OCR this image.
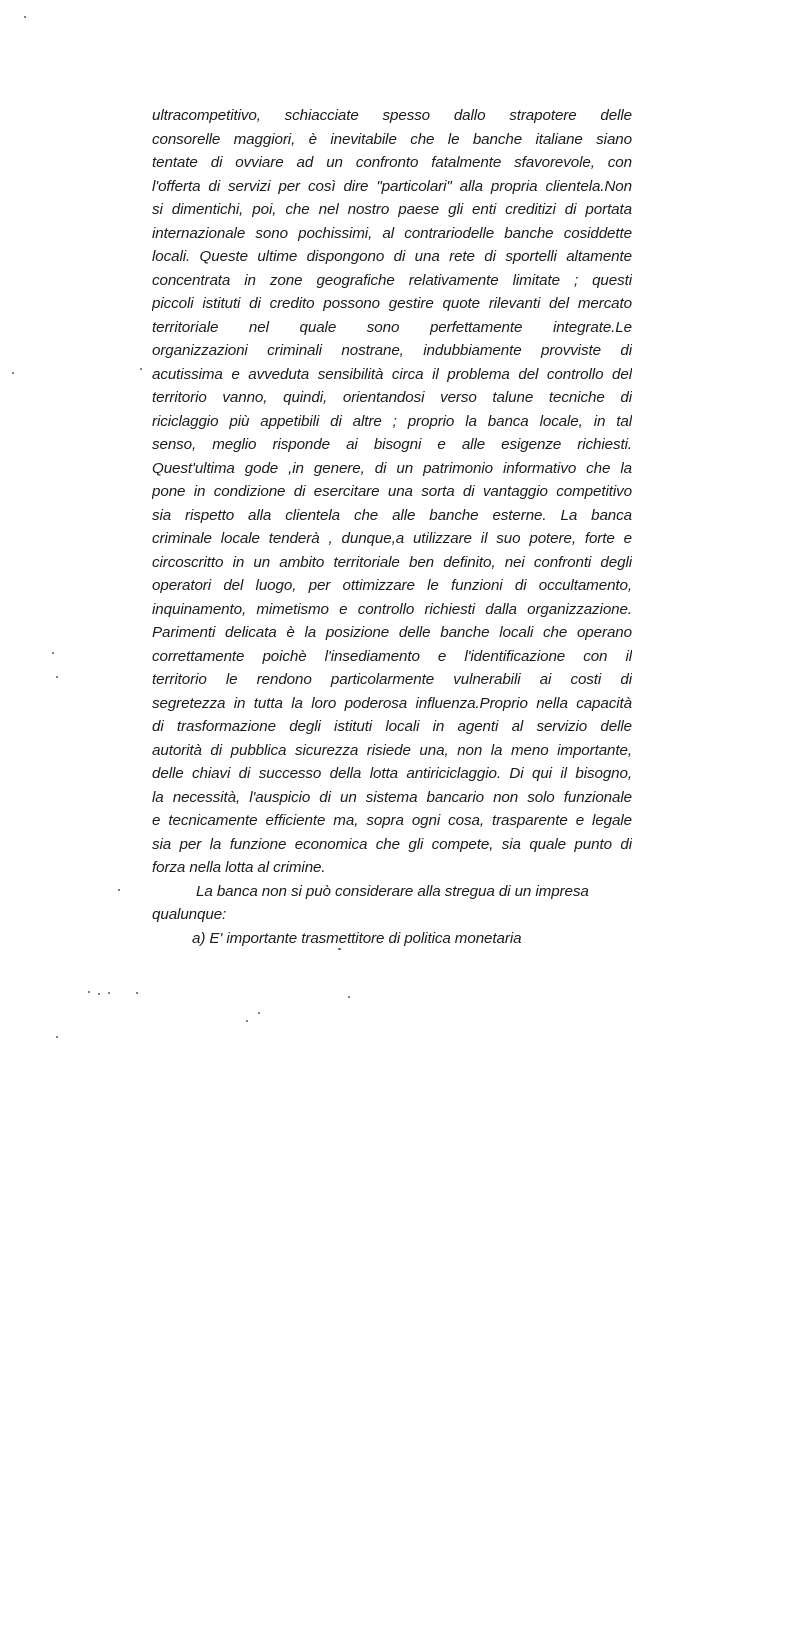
ultracompetitivo, schiacciate spesso dallo strapotere delle
consorelle maggiori, è inevitabile che le banche italiane siano
tentate di ovviare ad un confronto fatalmente sfavorevole, con
l'offerta di servizi per così dire "particolari" alla propria clientela.Non
si dimentichi, poi, che nel nostro paese gli enti creditizi di portata
internazionale sono pochissimi, al contrariodelle banche cosiddette
locali. Queste ultime dispongono di una rete di sportelli altamente
concentrata in zone geografiche relativamente limitate ; questi
piccoli istituti di credito possono gestire quote rilevanti del mercato
territoriale nel quale sono perfettamente integrate.Le
organizzazioni criminali nostrane, indubbiamente provviste di
acutissima e avveduta sensibilità circa il problema del controllo del
territorio vanno, quindi, orientandosi verso talune tecniche di
riciclaggio più appetibili di altre ; proprio la banca locale, in tal
senso, meglio risponde ai bisogni e alle esigenze richiesti.
Quest'ultima gode ,in genere, di un patrimonio informativo che la
pone in condizione di esercitare una sorta di vantaggio competitivo
sia rispetto alla clientela che alle banche esterne. La banca
criminale locale tenderà , dunque,a utilizzare il suo potere, forte e
circoscritto in un ambito territoriale ben definito, nei confronti degli
operatori del luogo, per ottimizzare le funzioni di occultamento,
inquinamento, mimetismo e controllo richiesti dalla organizzazione.
Parimenti delicata è la posizione delle banche locali che operano
correttamente poichè l'insediamento e l'identificazione con il
territorio le rendono particolarmente vulnerabili ai costi di
segretezza in tutta la loro poderosa influenza.Proprio nella capacità
di trasformazione degli istituti locali in agenti al servizio delle
autorità di pubblica sicurezza risiede una, non la meno importante,
delle chiavi di successo della lotta antiriciclaggio. Di qui il bisogno,
la necessità, l'auspicio di un sistema bancario non solo funzionale
e tecnicamente efficiente ma, sopra ogni cosa, trasparente e legale
sia per la funzione economica che gli compete, sia quale punto di
forza nella lotta al crimine.
La banca non si può considerare alla stregua di un impresa
qualunque:
a) E' importante trasmettitore di politica monetaria
